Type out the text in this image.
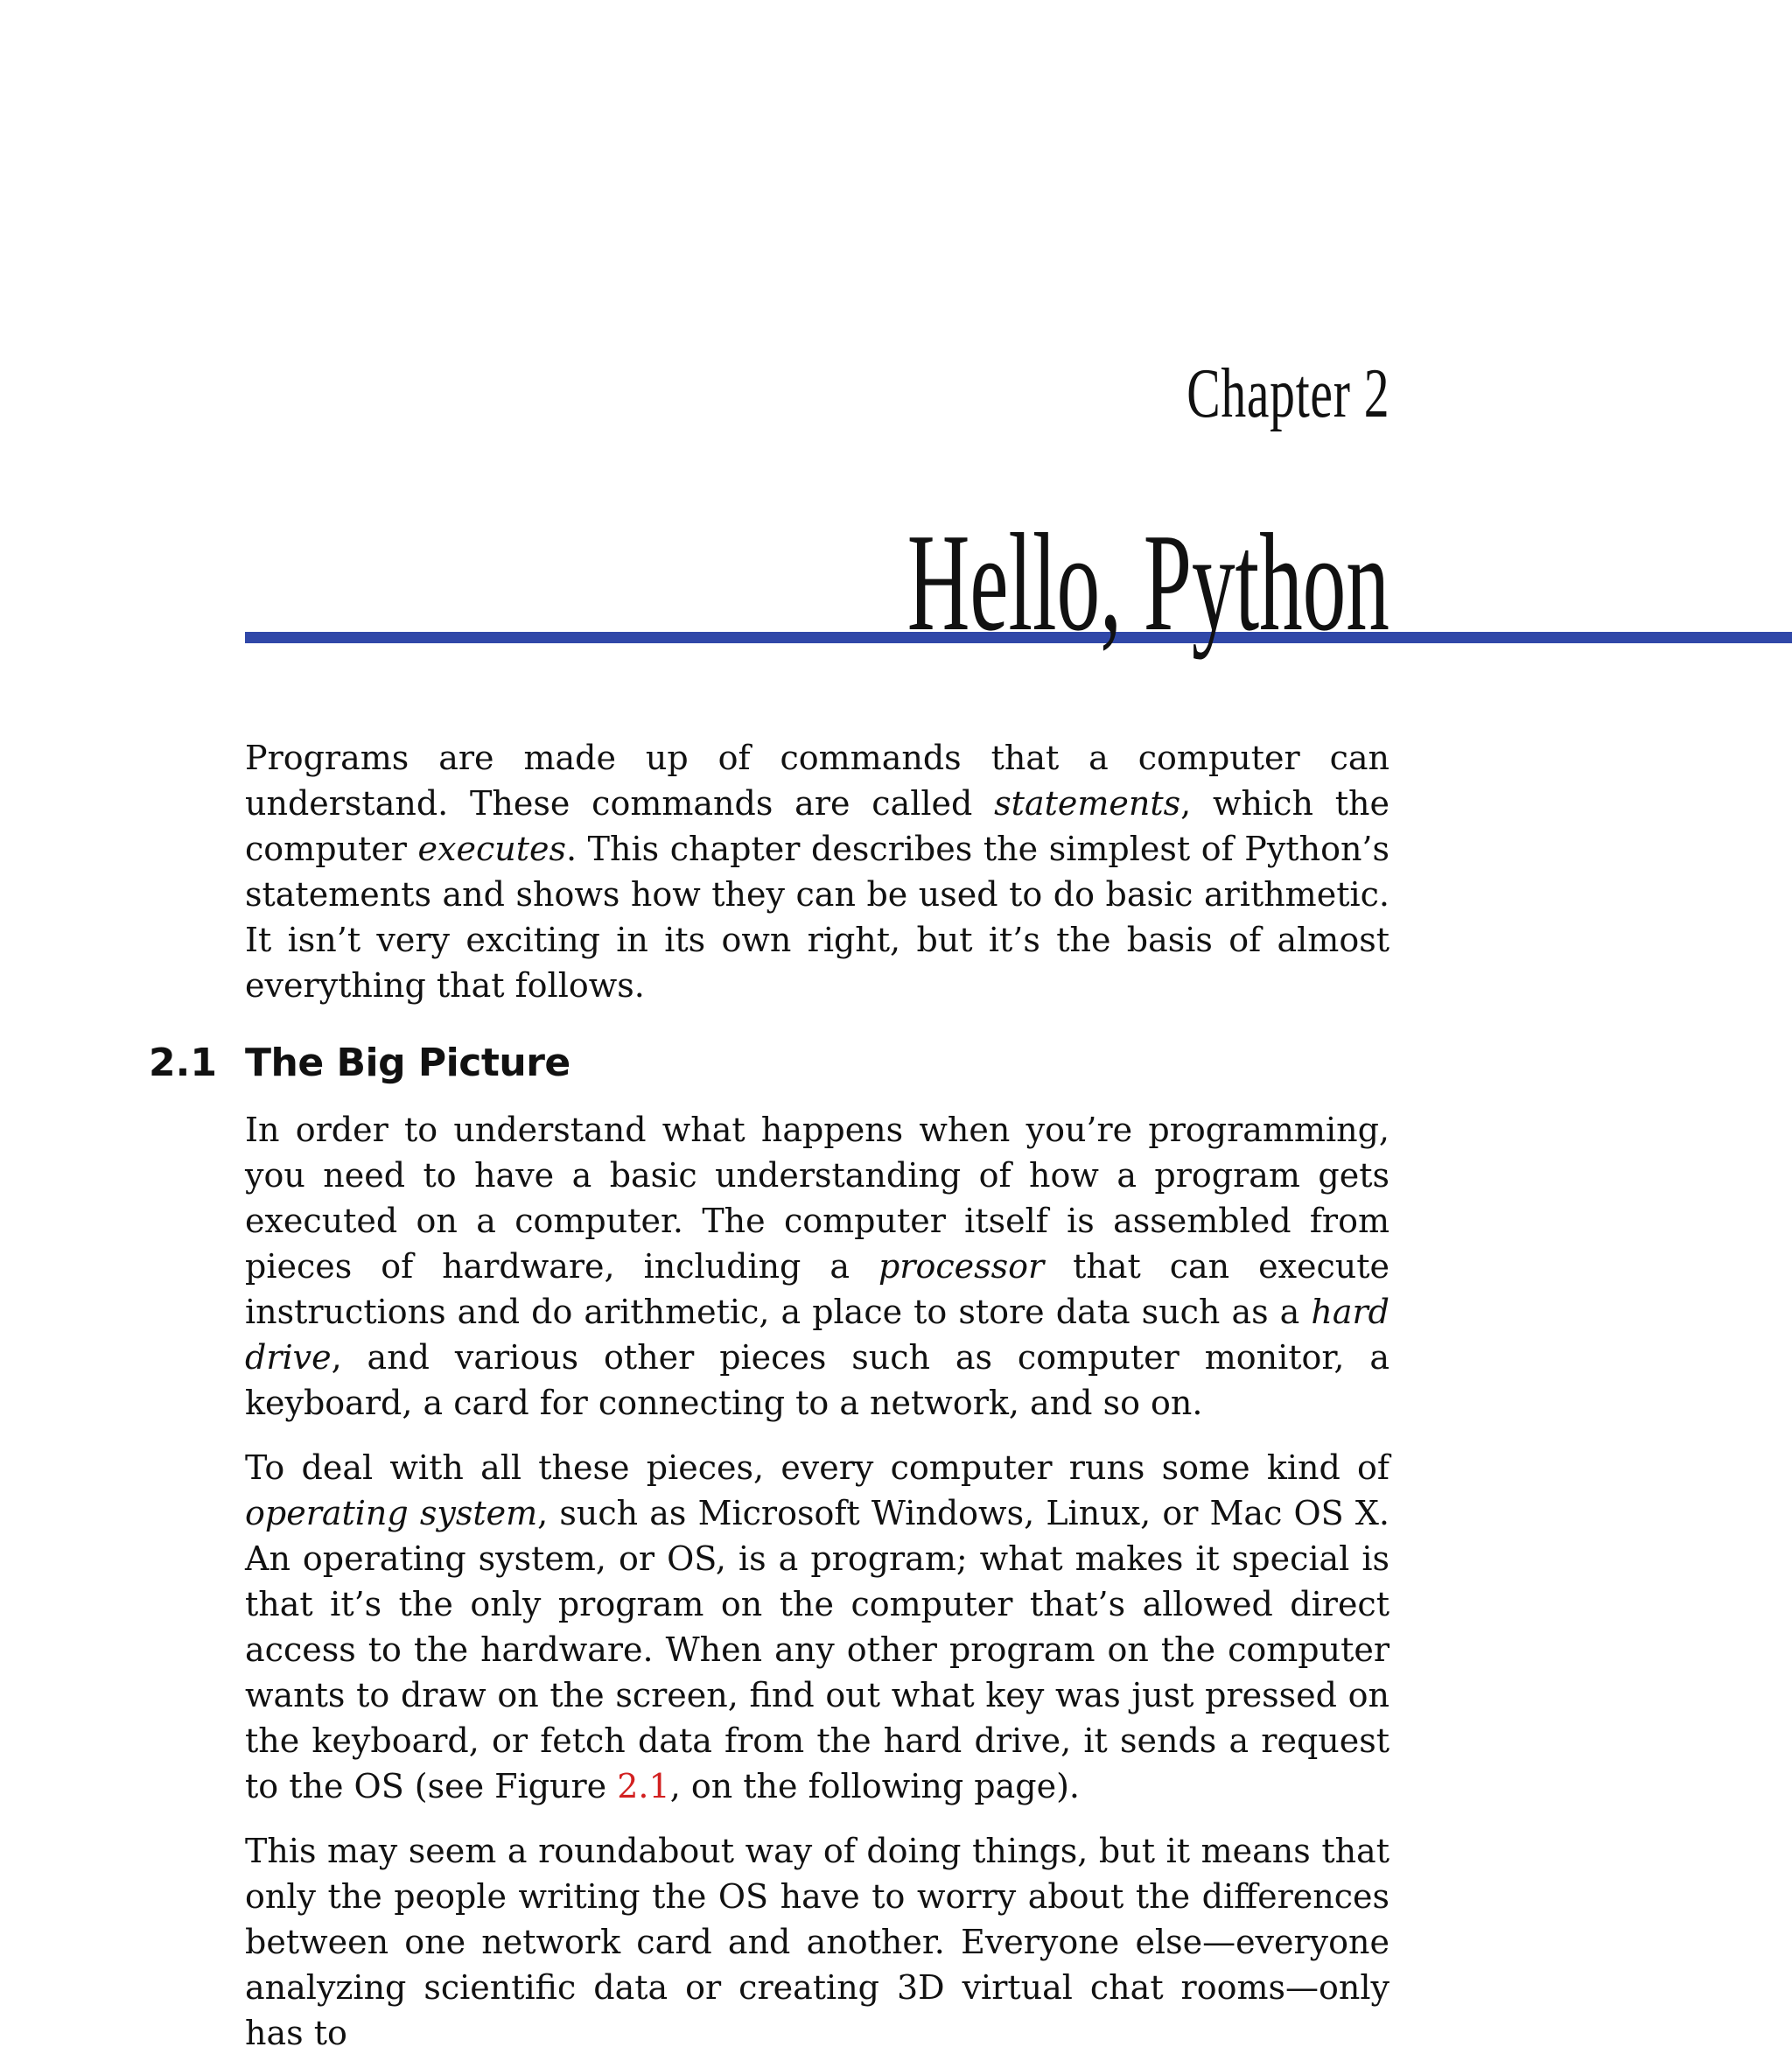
Chapter 2
Hello, Python

Programs are made up of commands that a computer can understand. These commands are called statements, which the computer executes. This chapter describes the simplest of Python’s statements and shows how they can be used to do basic arithmetic. It isn’t very exciting in its own right, but it’s the basis of almost everything that follows.

2.1 The Big Picture

In order to understand what happens when you’re programming, you need to have a basic understanding of how a program gets executed on a computer. The computer itself is assembled from pieces of hardware, including a processor that can execute instructions and do arithmetic, a place to store data such as a hard drive, and various other pieces such as computer monitor, a keyboard, a card for connecting to a network, and so on.

To deal with all these pieces, every computer runs some kind of operating system, such as Microsoft Windows, Linux, or Mac OS X. An operating system, or OS, is a program; what makes it special is that it’s the only program on the computer that’s allowed direct access to the hardware. When any other program on the computer wants to draw on the screen, find out what key was just pressed on the keyboard, or fetch data from the hard drive, it sends a request to the OS (see Figure 2.1, on the following page).

This may seem a roundabout way of doing things, but it means that only the people writing the OS have to worry about the differences between one network card and another. Everyone else—everyone analyzing scientific data or creating 3D virtual chat rooms—only has to
